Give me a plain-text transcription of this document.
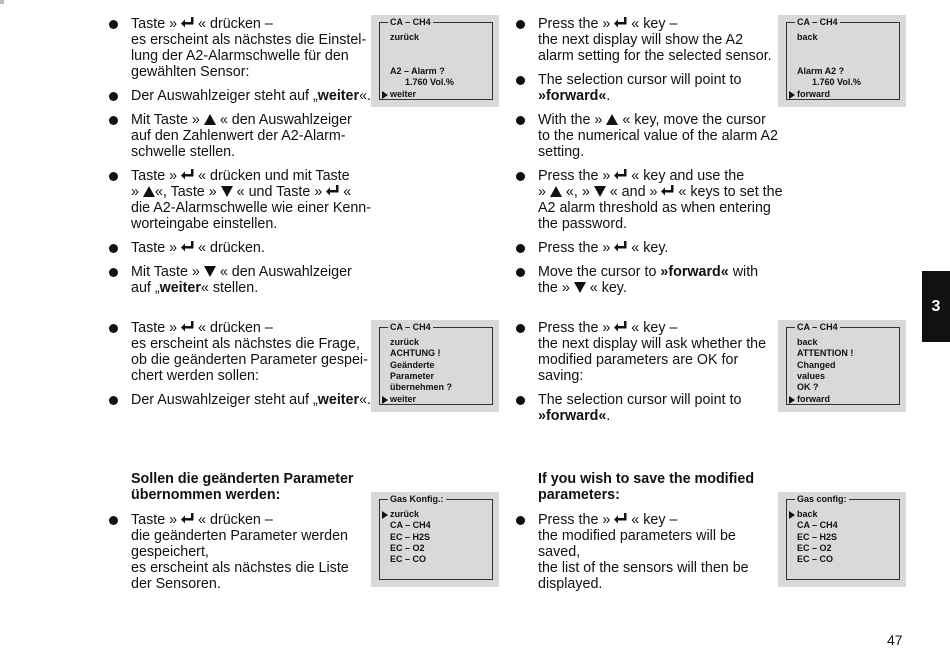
Taste » « drücken –
es erscheint als nächstes die Einstel-
lung der A2-Alarmschwelle für den
gewählten Sensor:
Der Auswahlzeiger steht auf „weiter«.
Mit Taste » « den Auswahlzeiger
auf den Zahlenwert der A2-Alarm-
schwelle stellen.
Taste » « drücken und mit Taste
» «, Taste » « und Taste » «
die A2-Alarmschwelle wie einer Kenn-
worteingabe einstellen.
Taste » « drücken.
Mit Taste » « den Auswahlzeiger
auf „weiter« stellen.
Taste » « drücken –
es erscheint als nächstes die Frage,
ob die geänderten Parameter gespei-
chert werden sollen:
Der Auswahlzeiger steht auf „weiter«.
Sollen die geänderten Parameter
übernommen werden:
Taste » « drücken –
die geänderten Parameter werden
gespeichert,
es erscheint als nächstes die Liste
der Sensoren.
Press the » « key –
the next display will show the A2
alarm setting for the selected sensor.
The selection cursor will point to
»forward«.
With the » « key, move the cursor
to the numerical value of the alarm A2
setting.
Press the » « key and use the
» «, » « and » « keys to set the
A2 alarm threshold as when entering
the password.
Press the » « key.
Move the cursor to »forward« with
the » « key.
Press the » « key –
the next display will ask whether the
modified parameters are OK for
saving:
The selection cursor will point to
»forward«.
If you wish to save the modified
parameters:
Press the » « key –
the modified parameters will be
saved,
the list of the sensors will then be
displayed.
CA – CH4
zurück
A2 – Alarm ?
1.760 Vol.%
weiter
CA – CH4
back
Alarm A2 ?
1.760 Vol.%
forward
CA – CH4
zurück
ACHTUNG !
Geänderte
Parameter
übernehmen ?
weiter
CA – CH4
back
ATTENTION !
Changed
values
OK ?
forward
Gas Konfig.:
zurück
CA – CH4
EC – H2S
EC – O2
EC – CO
Gas config:
back
CA – CH4
EC – H2S
EC – O2
EC – CO
3
47
